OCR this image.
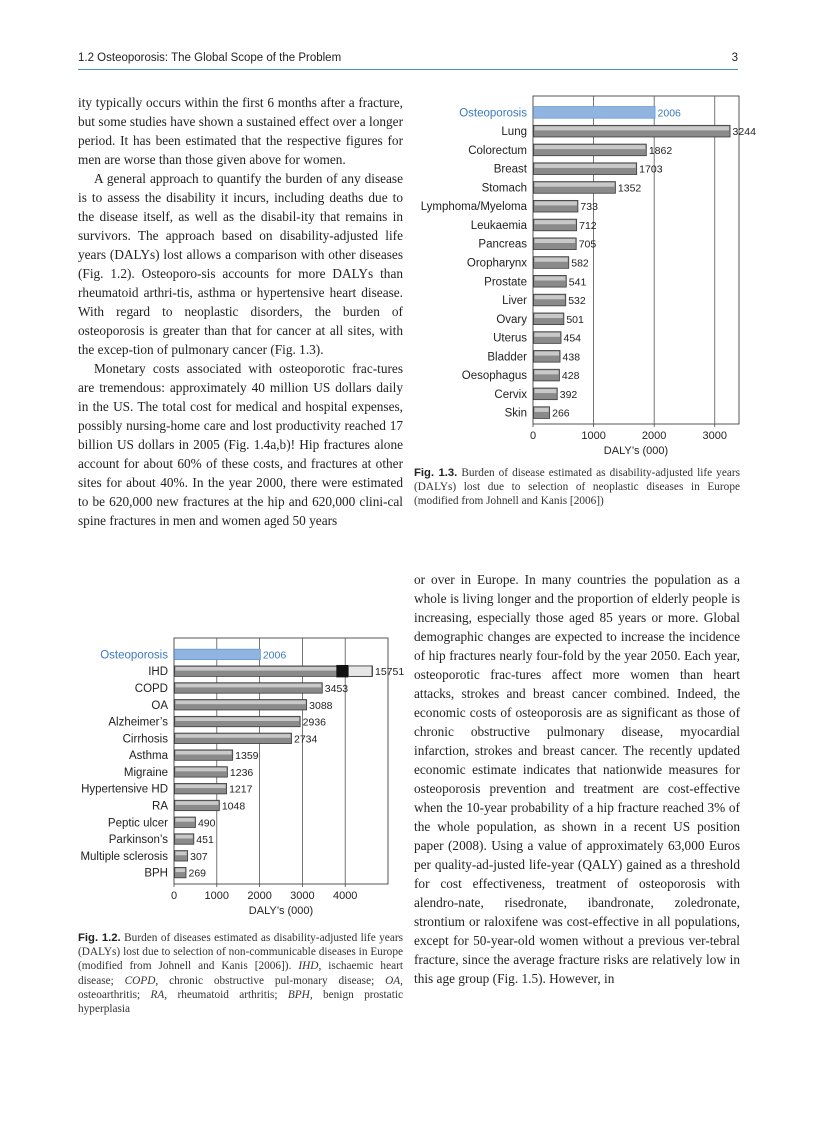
1.2 Osteoporosis: The Global Scope of the Problem	3

ity typically occurs within the first 6 months after a fracture, but some studies have shown a sustained effect over a longer period. It has been estimated that the respective figures for men are worse than those given above for women.

A general approach to quantify the burden of any disease is to assess the disability it incurs, including deaths due to the disease itself, as well as the disabil-ity that remains in survivors. The approach based on disability-adjusted life years (DALYs) lost allows a comparison with other diseases (Fig. 1.2). Osteoporo-sis accounts for more DALYs than rheumatoid arthri-tis, asthma or hypertensive heart disease. With regard to neoplastic disorders, the burden of osteoporosis is greater than that for cancer at all sites, with the excep-tion of pulmonary cancer (Fig. 1.3).

Monetary costs associated with osteoporotic frac-tures are tremendous: approximately 40 million US dollars daily in the US. The total cost for medical and hospital expenses, possibly nursing-home care and lost productivity reached 17 billion US dollars in 2005 (Fig. 1.4a,b)! Hip fractures alone account for about 60% of these costs, and fractures at other sites for about 40%. In the year 2000, there were estimated to be 620,000 new fractures at the hip and 620,000 clini-cal spine fractures in men and women aged 50 years

0	1000	2000	3000
DALY’s (000)
Osteoporosis	2006
Lung	3244
Colorectum	1862
Breast	1703
Stomach	1352
Lymphoma/Myeloma	733
Leukaemia	712
Pancreas	705
Oropharynx	582
Prostate	541
Liver	532
Ovary	501
Uterus	454
Bladder	438
Oesophagus	428
Cervix	392
Skin 266
Fig. 1.3. Burden of disease estimated as disability-adjusted life years (DALYs) lost due to selection of neoplastic diseases in Europe (modified from Johnell and Kanis [2006])
0 1000 2000 3000 4000
DALY’s (000)
Osteoporosis	2006
IHD	15751
COPD	3453
OA	3088
Alzheimer’s	2936
Cirrhosis	2734
Asthma	1359
Migraine	1236
Hypertensive HD	1217
RA	1048
Peptic ulcer	490
Parkinson’s	451
Multiple sclerosis 307
BPH 269
Fig. 1.2. Burden of diseases estimated as disability-adjusted life years (DALYs) lost due to selection of non-communicable diseases in Europe (modified from Johnell and Kanis [2006]). IHD, ischaemic heart disease; COPD, chronic obstructive pul-monary disease; OA, osteoarthritis; RA, rheumatoid arthritis; BPH, benign prostatic hyperplasia

or over in Europe. In many countries the population as a whole is living longer and the proportion of elderly people is increasing, especially those aged 85 years or more. Global demographic changes are expected to increase the incidence of hip fractures nearly four-fold by the year 2050. Each year, osteoporotic frac-tures affect more women than heart attacks, strokes and breast cancer combined. Indeed, the economic costs of osteoporosis are as significant as those of chronic obstructive pulmonary disease, myocardial infarction, strokes and breast cancer. The recently updated economic estimate indicates that nationwide measures for osteoporosis prevention and treatment are cost-effective when the 10-year probability of a hip fracture reached 3% of the whole population, as shown in a recent US position paper (2008). Using a value of approximately 63,000 Euros per quality-ad-justed life-year (QALY) gained as a threshold for cost effectiveness, treatment of osteoporosis with alendro-nate, risedronate, ibandronate, zoledronate, strontium or raloxifene was cost-effective in all populations, except for 50-year-old women without a previous ver-tebral fracture, since the average fracture risks are relatively low in this age group (Fig. 1.5). However, in
